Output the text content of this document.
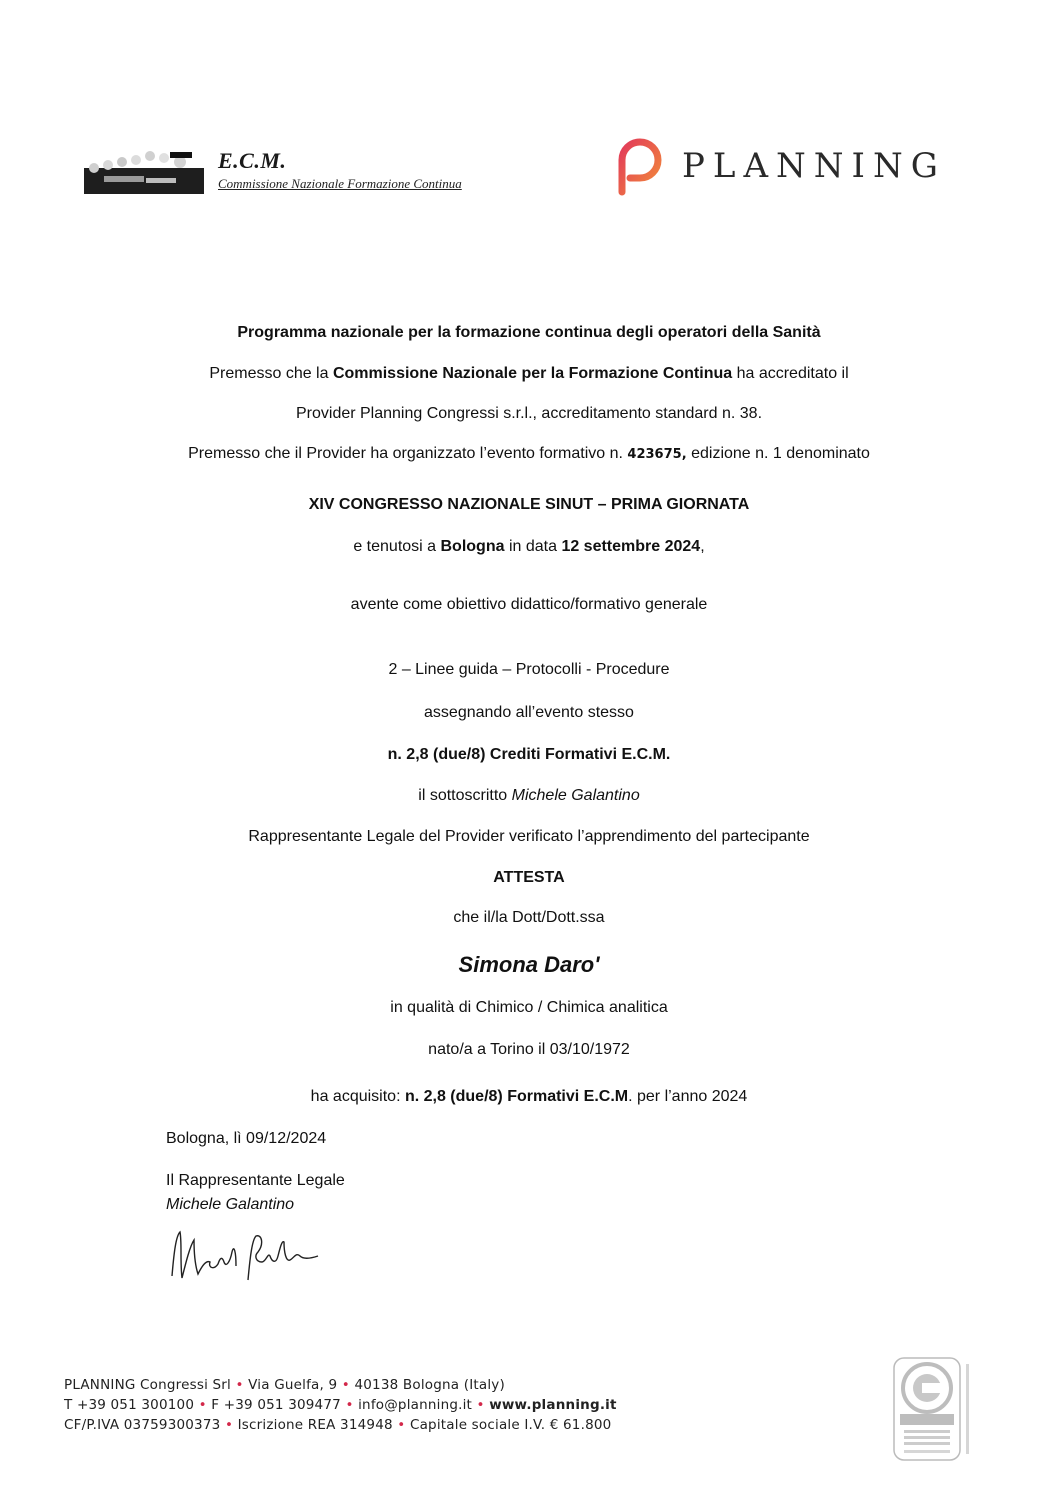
E.C.M.
Commissione Nazionale Formazione Continua	PLANNING
Programma nazionale per la formazione continua degli operatori della Sanità
Premesso che la Commissione Nazionale per la Formazione Continua ha accreditato il
Provider Planning Congressi s.r.l., accreditamento standard n. 38.
Premesso che il Provider ha organizzato l’evento formativo n. 423675, edizione n. 1 denominato
XIV CONGRESSO NAZIONALE SINUT – PRIMA GIORNATA
e tenutosi a Bologna in data 12 settembre 2024,
avente come obiettivo didattico/formativo generale
2 – Linee guida – Protocolli - Procedure
assegnando all’evento stesso
n. 2,8 (due/8) Crediti Formativi E.C.M.
il sottoscritto Michele Galantino
Rappresentante Legale del Provider verificato l’apprendimento del partecipante
ATTESTA
che il/la Dott/Dott.ssa
Simona Daro'
in qualità di Chimico / Chimica analitica
nato/a a Torino il 03/10/1972
ha acquisito: n. 2,8 (due/8) Formativi E.C.M. per l’anno 2024
Bologna, lì 09/12/2024
Il Rappresentante Legale
Michele Galantino
PLANNING Congressi Srl • Via Guelfa, 9 • 40138 Bologna (Italy)
T +39 051 300100 • F +39 051 309477 • info@planning.it • www.planning.it
CF/P.IVA 03759300373 • Iscrizione REA 314948 • Capitale sociale I.V. € 61.800
